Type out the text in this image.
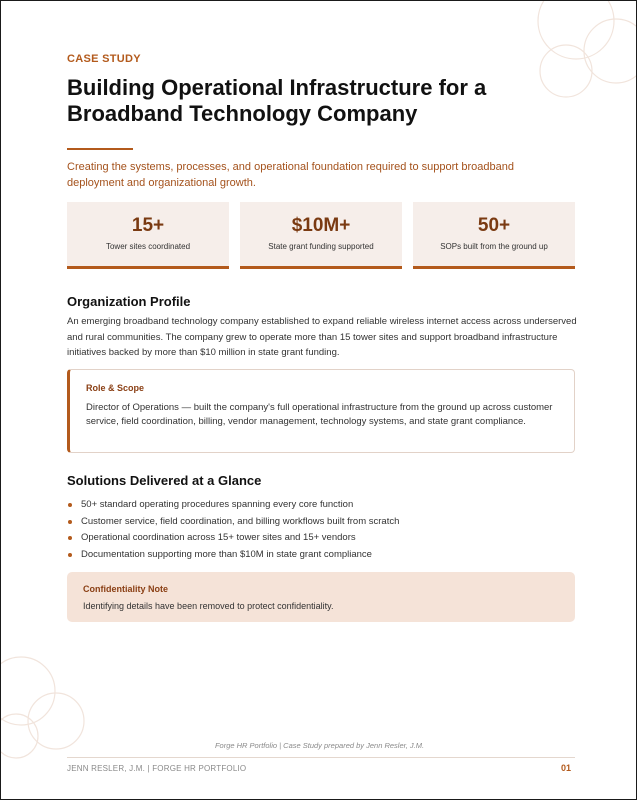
CASE STUDY
Building Operational Infrastructure for a Broadband Technology Company

Creating the systems, processes, and operational foundation required to support broadband deployment and organizational growth.

15+
Tower sites coordinated
$10M+
State grant funding supported
50+
SOPs built from the ground up
Organization Profile

An emerging broadband technology company established to expand reliable wireless internet access across underserved and rural communities. The company grew to operate more than 15 tower sites and support broadband infrastructure initiatives backed by more than $10 million in state grant funding.

Role & Scope

Director of Operations — built the company's full operational infrastructure from the ground up across customer service, field coordination, billing, vendor management, technology systems, and state grant compliance.

Solutions Delivered at a Glance
50+ standard operating procedures spanning every core function
Customer service, field coordination, and billing workflows built from scratch
Operational coordination across 15+ tower sites and 15+ vendors
Documentation supporting more than $10M in state grant compliance
Confidentiality Note
Identifying details have been removed to protect confidentiality.
Forge HR Portfolio | Case Study prepared by Jenn Resler, J.M.
JENN RESLER, J.M. | FORGE HR PORTFOLIO	01
